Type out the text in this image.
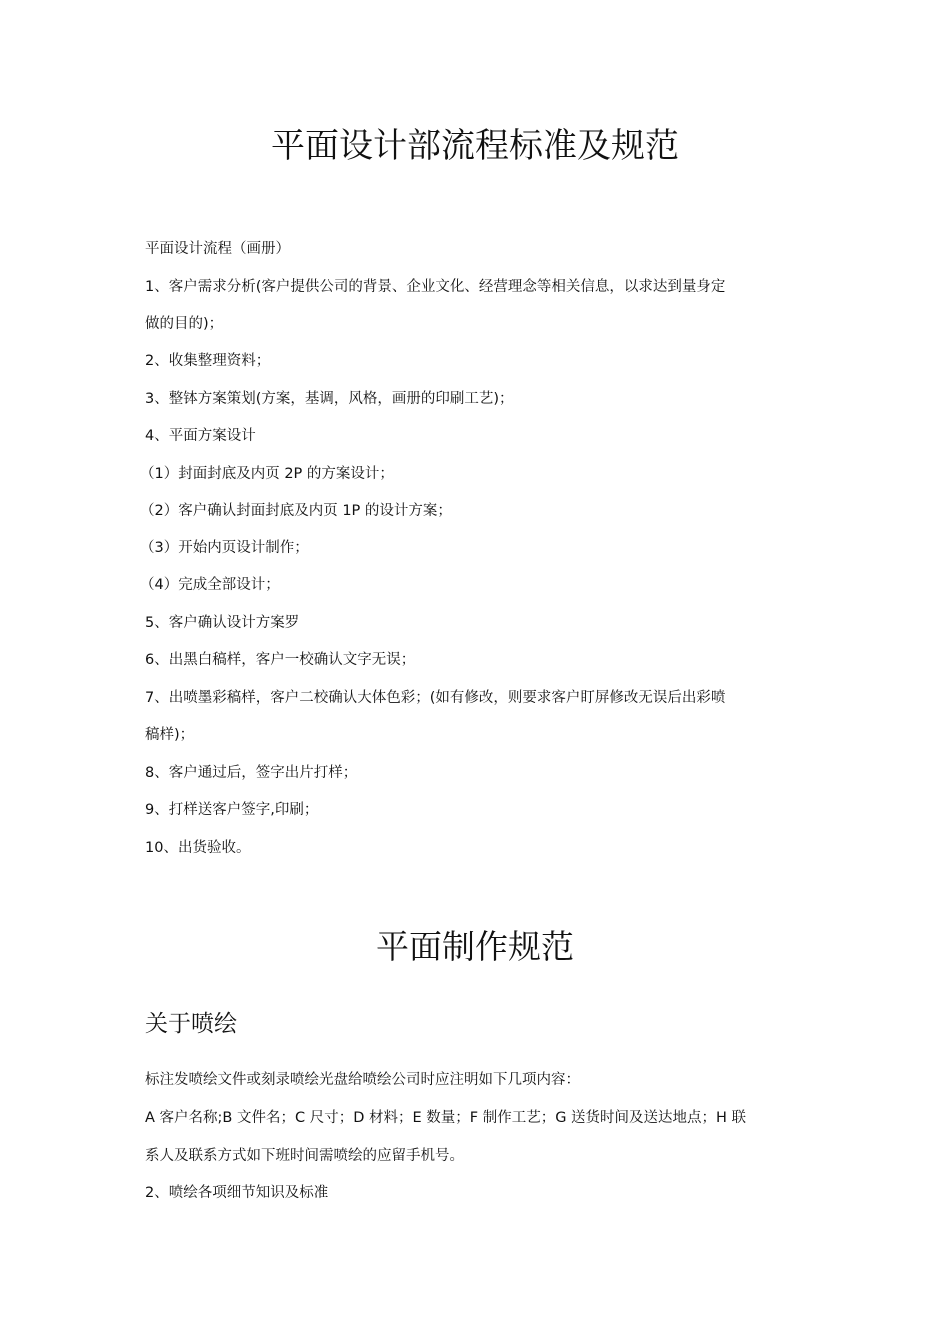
平面设计部流程标准及规范

平面设计流程（画册）

1、客户需求分析(客户提供公司的背景、企业文化、经营理念等相关信息，以求达到量身定

做的目的)；

2、收集整理资料；

3、整钵方案策划(方案，基调，风格，画册的印刷工艺)；

4、平面方案设计

（1）封面封底及内页 2P 的方案设计；

（2）客户确认封面封底及内页 1P 的设计方案；

（3）开始内页设计制作；

（4）完成全部设计；

5、客户确认设计方案罗

6、出黑白稿样，客户一校确认文字无误；

7、出喷墨彩稿样，客户二校确认大体色彩；(如有修改，则要求客户盯屏修改无误后出彩喷

稿样)；

8、客户通过后，签字出片打样；

9、打样送客户签字,印刷；

10、出货验收。

平面制作规范
关于喷绘

标注发喷绘文件或刻录喷绘光盘给喷绘公司时应注明如下几项内容：

A 客户名称;B 文件名；C 尺寸；D 材料；E 数量；F 制作工艺；G 送货时间及送达地点；H 联

系人及联系方式如下班时间需喷绘的应留手机号。

2、喷绘各项细节知识及标准
